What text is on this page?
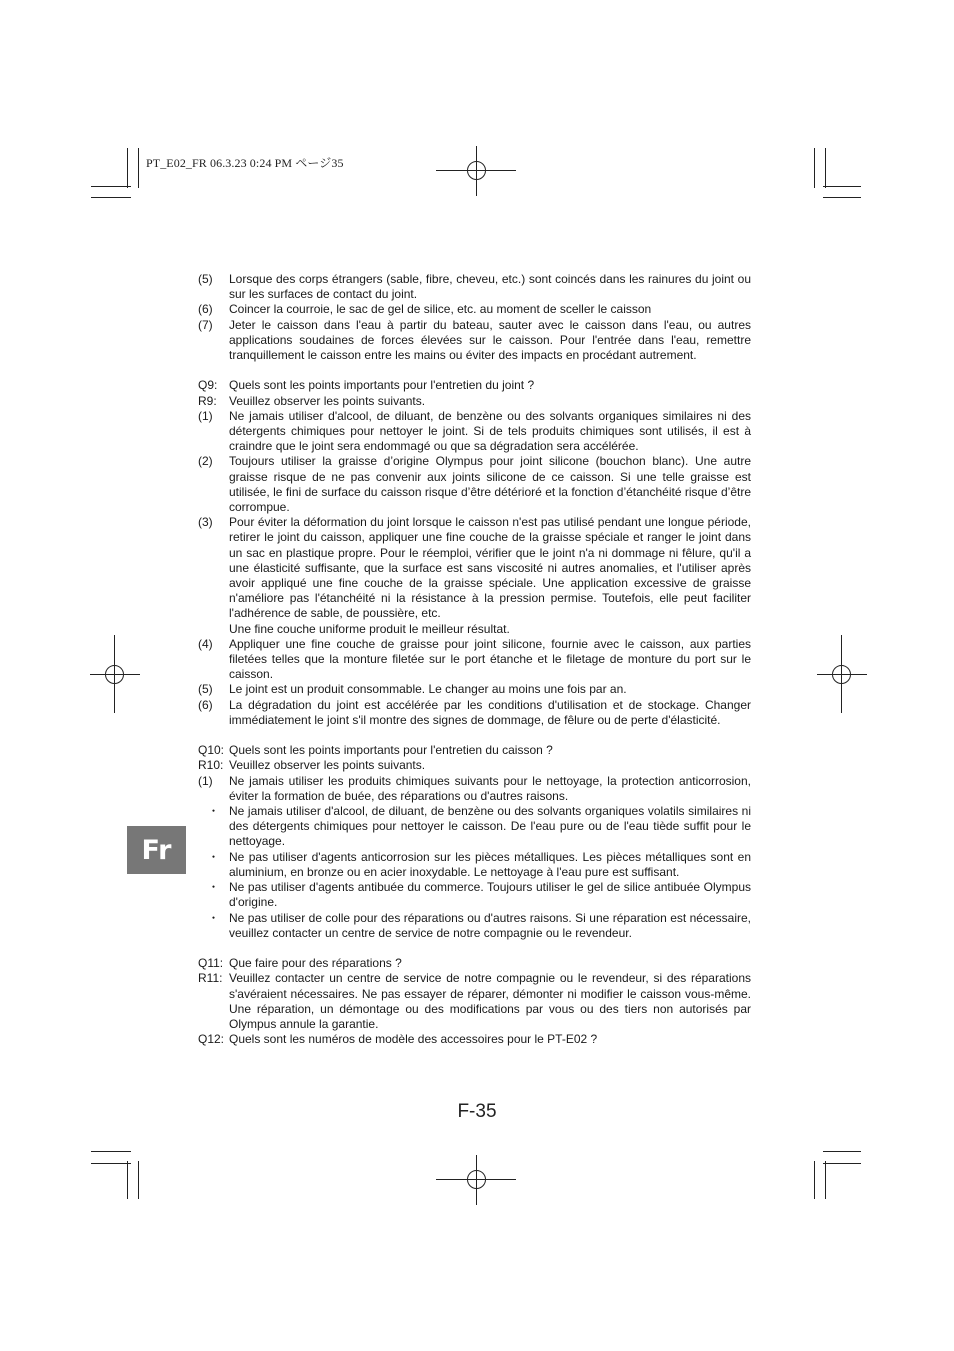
PT_E02_FR 06.3.23 0:24 PM ページ35
(5)	Lorsque des corps étrangers (sable, fibre, cheveu, etc.) sont coincés dans les rainures du joint ou sur les surfaces de contact du joint.
(6)	Coincer la courroie, le sac de gel de silice, etc. au moment de sceller le caisson
(7)	Jeter le caisson dans l'eau à partir du bateau, sauter avec le caisson dans l'eau, ou autres applications soudaines de forces élevées sur le caisson. Pour l'entrée dans l'eau, remettre tranquillement le caisson entre les mains ou éviter des impacts en procédant autrement.
Q9: Quels sont les points importants pour l'entretien du joint ?
R9:	Veuillez observer les points suivants.
(1)	Ne jamais utiliser d'alcool, de diluant, de benzène ou des solvants organiques similaires ni des détergents chimiques pour nettoyer le joint. Si de tels produits chimiques sont utilisés, il est à craindre que le joint sera endommagé ou que sa dégradation sera accélérée.
(2)	Toujours utiliser la graisse d’origine Olympus pour joint silicone (bouchon blanc). Une autre graisse risque de ne pas convenir aux joints silicone de ce caisson. Si une telle graisse est utilisée, le fini de surface du caisson risque d’être détérioré et la fonction d’étanchéité risque d’être corrompue.
(3)	Pour éviter la déformation du joint lorsque le caisson n'est pas utilisé pendant une longue période, retirer le joint du caisson, appliquer une fine couche de la graisse spéciale et ranger le joint dans un sac en plastique propre. Pour le réemploi, vérifier que le joint n'a ni dommage ni fêlure, qu'il a une élasticité suffisante, que la surface est sans viscosité ni autres anomalies, et l'utiliser après avoir appliqué une fine couche de la graisse spéciale. Une application excessive de graisse n'améliore pas l'étanchéité ni la résistance à la pression permise. Toutefois, elle peut faciliter l'adhérence de sable, de poussière, etc.
Une fine couche uniforme produit le meilleur résultat.
(4)	Appliquer une fine couche de graisse pour joint silicone, fournie avec le caisson, aux parties filetées telles que la monture filetée sur le port étanche et le filetage de monture du port sur le caisson.
(5)	Le joint est un produit consommable. Le changer au moins une fois par an.
(6)	La dégradation du joint est accélérée par les conditions d'utilisation et de stockage. Changer immédiatement le joint s'il montre des signes de dommage, de fêlure ou de perte d'élasticité.
Q10: Quels sont les points importants pour l'entretien du caisson ?
R10: Veuillez observer les points suivants.
(1)	Ne jamais utiliser les produits chimiques suivants pour le nettoyage, la protection anticorrosion, éviter la formation de buée, des réparations ou d'autres raisons.
・ Ne jamais utiliser d'alcool, de diluant, de benzène ou des solvants organiques volatils similaires ni des détergents chimiques pour nettoyer le caisson. De l'eau pure ou de l'eau tiède suffit pour le nettoyage.
・ Ne pas utiliser d'agents anticorrosion sur les pièces métalliques. Les pièces métalliques sont en aluminium, en bronze ou en acier inoxydable. Le nettoyage à l'eau pure est suffisant.
・ Ne pas utiliser d'agents antibuée du commerce. Toujours utiliser le gel de silice antibuée Olympus d'origine.
・ Ne pas utiliser de colle pour des réparations ou d'autres raisons. Si une réparation est nécessaire, veuillez contacter un centre de service de notre compagnie ou le revendeur.
Q11: Que faire pour des réparations ?
R11: Veuillez contacter un centre de service de notre compagnie ou le revendeur, si des réparations s'avéraient nécessaires. Ne pas essayer de réparer, démonter ni modifier le caisson vous-même. Une réparation, un démontage ou des modifications par vous ou des tiers non autorisés par Olympus annule la garantie.
Q12: Quels sont les numéros de modèle des accessoires pour le PT-E02 ?
F-35
Fr
